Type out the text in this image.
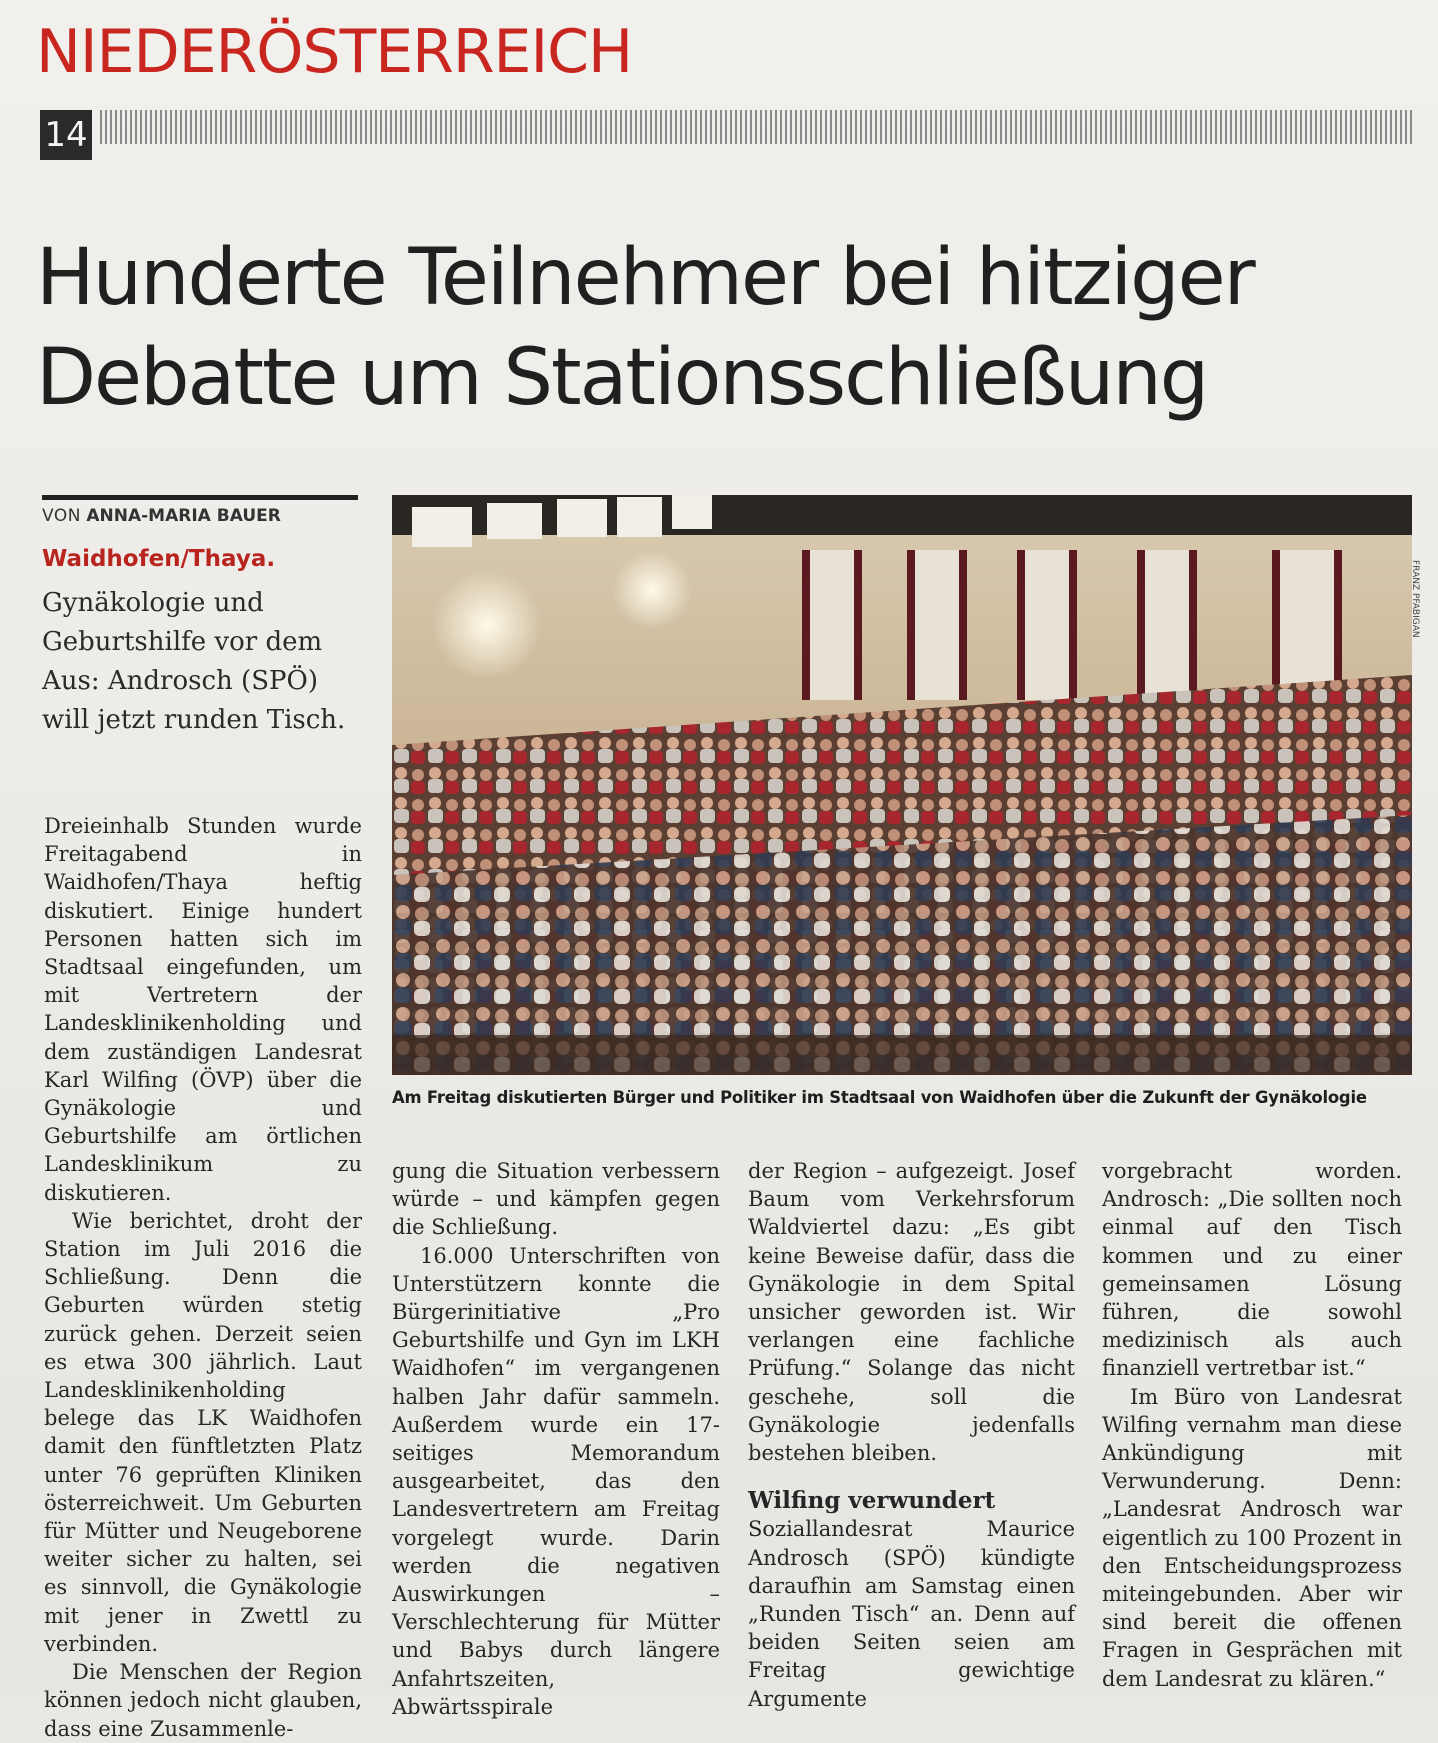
NIEDERÖSTERREICH
14
Hunderte Teilnehmer bei hitziger Debatte um Stationsschließung
VON ANNA-MARIA BAUER
Waidhofen/Thaya.
Gynäkologie und Geburtshilfe vor dem Aus: Androsch (SPÖ) will jetzt runden Tisch.
FRANZ PFABIGAN
Am Freitag diskutierten Bürger und Politiker im Stadtsaal von Waidhofen über die Zukunft der Gynäkologie

Dreieinhalb Stunden wurde Freitagabend in Waidhofen/Thaya heftig diskutiert. Einige hundert Personen hatten sich im Stadtsaal eingefunden, um mit Vertretern der Landesklinikenholding und dem zuständigen Landesrat Karl Wilfing (ÖVP) über die Gynäkologie und Geburtshilfe am örtlichen Landesklinikum zu diskutieren.

Wie berichtet, droht der Station im Juli 2016 die Schließung. Denn die Geburten würden stetig zurück gehen. Derzeit seien es etwa 300 jährlich. Laut Landesklinikenholding belege das LK Waidhofen damit den fünftletzten Platz unter 76 geprüften Kliniken österreichweit. Um Geburten für Mütter und Neugeborene weiter sicher zu halten, sei es sinnvoll, die Gynäkologie mit jener in Zwettl zu verbinden.

Die Menschen der Region können jedoch nicht glauben, dass eine Zusammenle-

gung die Situation verbessern würde – und kämpfen gegen die Schließung.

16.000 Unterschriften von Unterstützern konnte die Bürgerinitiative „Pro Geburtshilfe und Gyn im LKH Waidhofen“ im vergangenen halben Jahr dafür sammeln. Außerdem wurde ein 17-seitiges Memorandum ausgearbeitet, das den Landesvertretern am Freitag vorgelegt wurde. Darin werden die negativen Auswirkungen – Verschlechterung für Mütter und Babys durch längere Anfahrtszeiten, Abwärtsspirale

der Region – aufgezeigt. Josef Baum vom Verkehrsforum Waldviertel dazu: „Es gibt keine Beweise dafür, dass die Gynäkologie in dem Spital unsicher geworden ist. Wir verlangen eine fachliche Prüfung.“ Solange das nicht geschehe, soll die Gynäkologie jedenfalls bestehen bleiben.

Wilfing verwundert

Soziallandesrat Maurice Androsch (SPÖ) kündigte daraufhin am Samstag einen „Runden Tisch“ an. Denn auf beiden Seiten seien am Freitag gewichtige Argumente

vorgebracht worden. Androsch: „Die sollten noch einmal auf den Tisch kommen und zu einer gemeinsamen Lösung führen, die sowohl medizinisch als auch finanziell vertretbar ist.“

Im Büro von Landesrat Wilfing vernahm man diese Ankündigung mit Verwunderung. Denn: „Landesrat Androsch war eigentlich zu 100 Prozent in den Entscheidungsprozess miteingebunden. Aber wir sind bereit die offenen Fragen in Gesprächen mit dem Landesrat zu klären.“
